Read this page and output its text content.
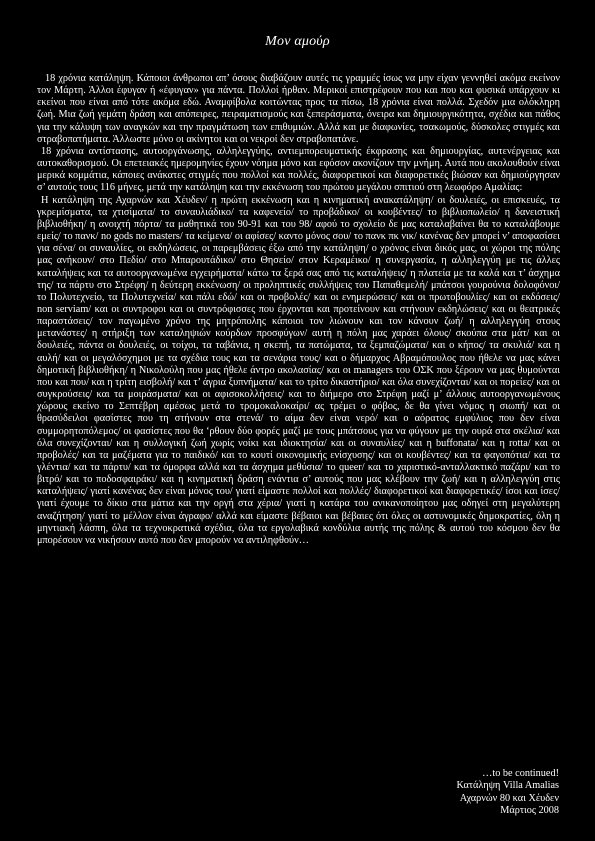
Μον αμούρ

18 χρόνια κατάληψη. Κάποιοι άνθρωποι απ’ όσους διαβάζουν αυτές τις γραμμές ίσως να μην είχαν γεννηθεί ακόμα εκείνον τον Μάρτη. Άλλοι έφυγαν ή «έφυγαν» για πάντα. Πολλοί ήρθαν. Μερικοί επιστρέφουν που και που και φυσικά υπάρχουν κι εκείνοι που είναι από τότε ακόμα εδώ. Αναμφίβολα κοιτώντας προς τα πίσω, 18 χρόνια είναι πολλά. Σχεδόν μια ολόκληρη ζωή. Μια ζωή γεμάτη δράση και απόπειρες, πειραματισμούς και ξεπεράσματα, όνειρα και δημιουργικότητα, σχέδια και πάθος για την κάλυψη των αναγκών και την πραγμάτωση των επιθυμιών. Αλλά και με διαφωνίες, τσακωμούς, δύσκολες στιγμές και στραβοπατήματα. Άλλωστε μόνο οι ακίνητοι και οι νεκροί δεν στραβοπατάνε.

18 χρόνια αντίστασης, αυτοοργάνωσης, αλληλεγγύης, αντιεμπορευματικής έκφρασης και δημιουργίας, αυτενέργειας και αυτοκαθορισμού. Οι επετειακές ημερομηνίες έχουν νόημα μόνο και εφόσον ακονίζουν την μνήμη. Αυτά που ακολουθούν είναι μερικά κομμάτια, κάποιες ανάκατες στιγμές που πολλοί και πολλές, διαφορετικοί και διαφορετικές βιώσαν και δημιούργησαν σ’ αυτούς τους 116 μήνες, μετά την κατάληψη και την εκκένωση του πρώτου μεγάλου σπιτιού στη λεωφόρο Αμαλίας:

Η κατάληψη της Αχαρνών και Χέυδεν/ η πρώτη εκκένωση και η κινηματική ανακατάληψη/ οι δουλειές, οι επισκευές, τα γκρεμίσματα, τα χτισίματα/ το συναυλιάδικο/ τα καφενείο/ το προβάδικο/ οι κουβέντες/ το βιβλιοπωλείο/ η δανειστική βιβλιοθήκη/ η ανοιχτή πόρτα/ τα μαθητικά του 90-91 και του 98/ αφού το σχολείο δε μας καταλαβαίνει θα το καταλάβουμε εμείς/ το πανκ/ no gods no masters/ τα κείμενα/ οι αφίσες/ καντο μόνος σου/ το πανκ πκ νικ/ κανένας δεν μπορεί ν’ αποφασίσει για σένα/ οι συναυλίες, οι εκδηλώσεις, οι παρεμβάσεις έξω από την κατάληψη/ ο χρόνος είναι δικός μας, οι χώροι της πόλης μας ανήκουν/ στο Πεδίο/ στο Μπαρουτάδικο/ στο Θησείο/ στον Κεραμέικο/ η συνεργασία, η αλληλεγγύη με τις άλλες καταλήψεις και τα αυτοοργανωμένα εγχειρήματα/ κάτω τα ξερά σας από τις καταλήψεις/ η πλατεία με τα καλά και τ’ άσχημα της/ τα πάρτυ στο Στρέφη/ η δεύτερη εκκένωση/ οι προληπτικές συλλήψεις του Παπαθεμελή/ μπάτσοι γουρούνια δολοφόνοι/ το Πολυτεχνείο, τα Πολυτεχνεία/ και πάλι εδώ/ και οι προβολές/ και οι ενημερώσεις/ και οι πρωτοβουλίες/ και οι εκδόσεις/ non serviam/ και οι συντροφοι και οι συντρόφισσες που έρχονται και προτείνουν και στήνουν εκδηλώσεις/ και οι θεατρικές παραστάσεις/ τον παγωμένο χρόνο της μητρόπολης κάποιοι τον λιώνουν και τον κάνουν ζωή/ η αλληλεγγύη στους μετανάστες/ η στήριξη των καταληψιών κούρδων προσφύγων/ αυτή η πόλη μας χαράει όλους/ σκούπα στα μάτ/ και οι δουλειές, πάντα οι δουλειές, οι τοίχοι, τα ταβάνια, η σκεπή, τα πατώματα, τα ξεμπαζώματα/ και ο κήπος/ τα σκυλιά/ και η αυλή/ και οι μεγαλόσχημοι με τα σχέδια τους και τα σενάρια τους/ και ο δήμαρχος Αβραμόπουλος που ήθελε να μας κάνει δημοτική βιβλιοθήκη/ η Νικολούλη που μας ήθελε άντρο ακολασίας/ και οι managers του ΟΣΚ που ξέρουν να μας θυμούνται που και που/ και η τρίτη εισβολή/ και τ’ άγρια ξυπνήματα/ και το τρίτο δικαστήριο/ και όλα συνεχίζονται/ και οι πορείες/ και οι συγκρούσεις/ και τα μοιράσματα/ και οι αφισοκολλήσεις/ και το διήμερο στο Στρέφη μαζί μ’ άλλους αυτοοργανωμένους χώρους εκείνο το Σεπτέβρη αμέσως μετά το τρομοκαλοκαίρι/ ας τρέμει ο φόβος, δε θα γίνει νόμος η σιωπή/ και οι θρασύδειλοι φασίστες που τη στήνουν στα στενά/ το αίμα δεν είναι νερό/ και ο αόρατος εμφύλιος που δεν είναι συμμορητοπόλεμος/ οι φασίστες που θα ‘ρθουν δύο φορές μαζί με τους μπάτσους για να φύγουν με την ουρά στα σκέλια/ και όλα συνεχίζονται/ και η συλλογική ζωή χωρίς νοίκι και ιδιοκτησία/ και οι συναυλίες/ και η buffonata/ και η rotta/ και οι προβολές/ και τα μαζέματα για το παιδικό/ και το κουτί οικονομικής ενίσχυσης/ και οι κουβέντες/ και τα φαγοπότια/ και τα γλέντια/ και τα πάρτυ/ και τα όμορφα αλλά και τα άσχημα μεθύσια/ το queer/ και το χαριστικό-ανταλλακτικό παζάρι/ και το βιτρό/ και το ποδοσφαιράκι/ και η κινηματική δράση ενάντια σ’ αυτούς που μας κλέβουν την ζωή/ και η αλληλεγγύη στις καταλήψεις/ γιατί κανένας δεν είναι μόνος του/ γιατί είμαστε πολλοί και πολλές/ διαφορετικοί και διαφορετικές/ ίσοι και ίσες/ γιατί έχουμε το δίκιο στα μάτια και την οργή στα χέρια/ γιατί η κατάρα του ανικανοποίητου μας οδηγεί στη μεγαλύτερη αναζήτηση/ γιατί το μέλλον είναι άγραφο/ αλλά και είμαστε βέβαιοι και βέβαιες ότι όλες οι αστυνομικές δημοκρατίες, όλη η μηντιακή λάσπη, όλα τα τεχνοκρατικά σχέδια, όλα τα εργολαβικά κονδύλια αυτής της πόλης & αυτού του κόσμου δεν θα μπορέσουν να νικήσουν αυτό που δεν μπορούν να αντιληφθούν…

…to be continued!
Κατάληψη Villa Amalias
Αχαρνών 80 και Χέυδεν
Μάρτιος 2008
